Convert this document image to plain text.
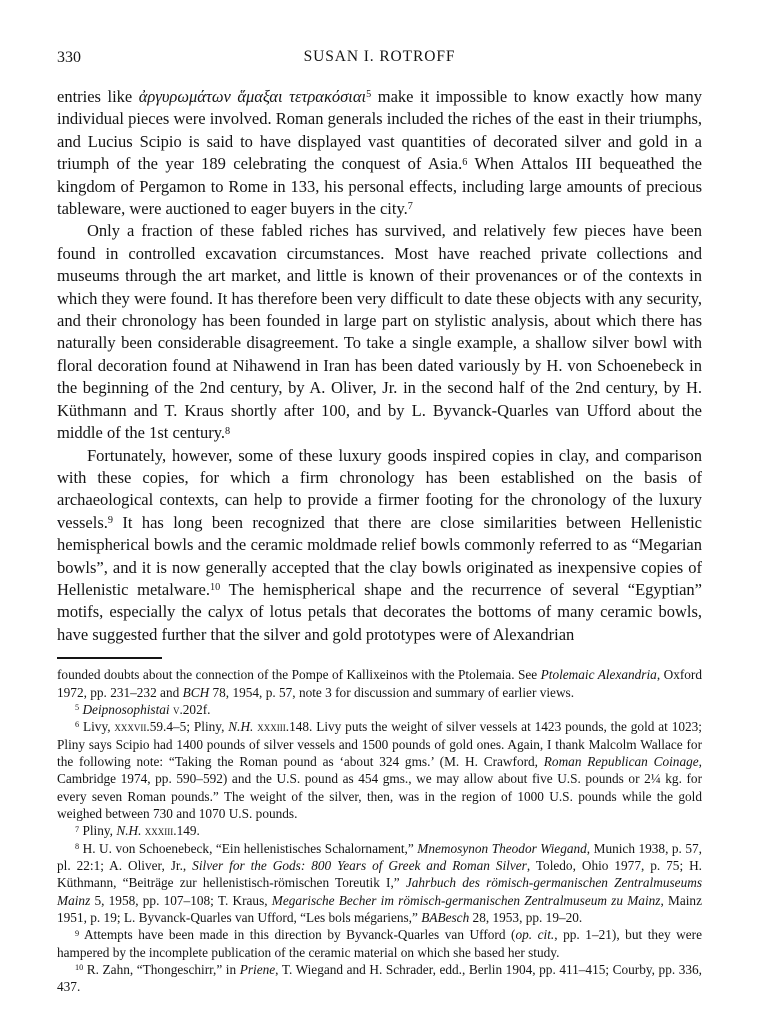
330	SUSAN I. ROTROFF

entries like ἀργυρωμάτων ἅμαξαι τετρακόσιαι$^5$ make it impossible to know exactly how many individual pieces were involved. Roman generals included the riches of the east in their triumphs, and Lucius Scipio is said to have displayed vast quantities of decorated silver and gold in a triumph of the year 189 celebrating the conquest of Asia.$^6$ When Attalos III bequeathed the kingdom of Pergamon to Rome in 133, his personal effects, including large amounts of precious tableware, were auctioned to eager buyers in the city.$^7$

Only a fraction of these fabled riches has survived, and relatively few pieces have been found in controlled excavation circumstances. Most have reached private collections and museums through the art market, and little is known of their provenances or of the contexts in which they were found. It has therefore been very difficult to date these objects with any security, and their chronology has been founded in large part on stylistic analysis, about which there has naturally been considerable disagreement. To take a single example, a shallow silver bowl with floral decoration found at Nihawend in Iran has been dated variously by H. von Schoenebeck in the beginning of the 2nd century, by A. Oliver, Jr. in the second half of the 2nd century, by H. Küthmann and T. Kraus shortly after 100, and by L. Byvanck-Quarles van Ufford about the middle of the 1st century.$^8$

Fortunately, however, some of these luxury goods inspired copies in clay, and comparison with these copies, for which a firm chronology has been established on the basis of archaeological contexts, can help to provide a firmer footing for the chronology of the luxury vessels.$^9$ It has long been recognized that there are close similarities between Hellenistic hemispherical bowls and the ceramic moldmade relief bowls commonly referred to as “Megarian bowls”, and it is now generally accepted that the clay bowls originated as inexpensive copies of Hellenistic metalware.$^{10}$ The hemispherical shape and the recurrence of several “Egyptian” motifs, especially the calyx of lotus petals that decorates the bottoms of many ceramic bowls, have suggested further that the silver and gold prototypes were of Alexandrian

founded doubts about the connection of the Pompe of Kallixeinos with the Ptolemaia. See Ptolemaic Alexandria, Oxford 1972, pp. 231–232 and BCH 78, 1954, p. 57, note 3 for discussion and summary of earlier views.

$^5$ Deipnosophistai v.202f.

$^6$ Livy, xxxvii.59.4–5; Pliny, N.H. xxxiii.148. Livy puts the weight of silver vessels at 1423 pounds, the gold at 1023; Pliny says Scipio had 1400 pounds of silver vessels and 1500 pounds of gold ones. Again, I thank Malcolm Wallace for the following note: “Taking the Roman pound as ‘about 324 gms.’ (M. H. Crawford, Roman Republican Coinage, Cambridge 1974, pp. 590–592) and the U.S. pound as 454 gms., we may allow about five U.S. pounds or 2¼ kg. for every seven Roman pounds.” The weight of the silver, then, was in the region of 1000 U.S. pounds while the gold weighed between 730 and 1070 U.S. pounds.

$^7$ Pliny, N.H. xxxiii.149.

$^8$ H. U. von Schoenebeck, “Ein hellenistisches Schalornament,” Mnemosynon Theodor Wiegand, Munich 1938, p. 57, pl. 22:1; A. Oliver, Jr., Silver for the Gods: 800 Years of Greek and Roman Silver, Toledo, Ohio 1977, p. 75; H. Küthmann, “Beiträge zur hellenistisch-römischen Toreutik I,” Jahrbuch des römisch-germanischen Zentralmuseums Mainz 5, 1958, pp. 107–108; T. Kraus, Megarische Becher im römisch-germanischen Zentralmuseum zu Mainz, Mainz 1951, p. 19; L. Byvanck-Quarles van Ufford, “Les bols mégariens,” BABesch 28, 1953, pp. 19–20.

$^9$ Attempts have been made in this direction by Byvanck-Quarles van Ufford (op. cit., pp. 1–21), but they were hampered by the incomplete publication of the ceramic material on which she based her study.

$^{10}$ R. Zahn, “Thongeschirr,” in Priene, T. Wiegand and H. Schrader, edd., Berlin 1904, pp. 411–415; Courby, pp. 336, 437.
